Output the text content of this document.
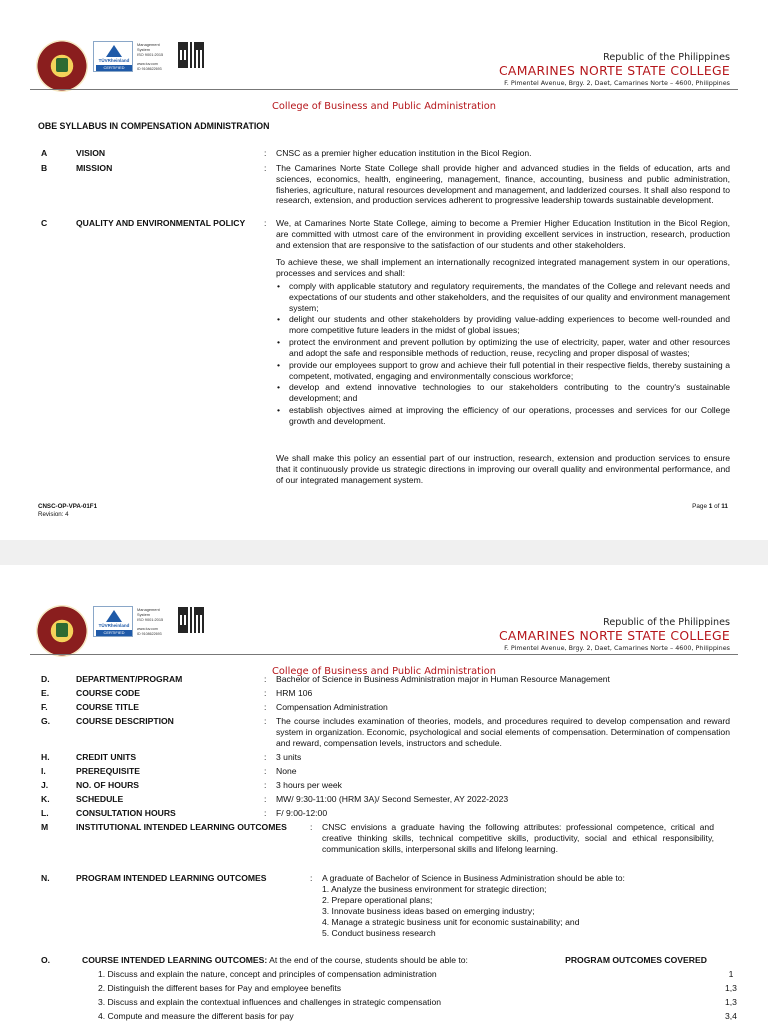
TÜVRheinland
CERTIFIED
Management
System
ISO 9001:2015
www.tuv.com
ID 9108622693
Republic of the Philippines
CAMARINES NORTE STATE COLLEGE
F. Pimentel Avenue, Brgy. 2, Daet, Camarines Norte – 4600, Philippines
College of Business and Public Administration
OBE SYLLABUS IN COMPENSATION ADMINISTRATION
A	VISION	: CNSC as a premier higher education institution in the Bicol Region.
B	MISSION	: The Camarines Norte State College shall provide higher and advanced studies in the fields of education, arts and sciences, economics, health, engineering, management, finance, accounting, business and public administration, fisheries, agriculture, natural resources development and management, and ladderized courses. It shall also respond to research, extension, and production services adherent to progressive leadership towards sustainable development.
C	QUALITY AND ENVIRONMENTAL POLICY : We, at Camarines Norte State College, aiming to become a Premier Higher Education Institution in the Bicol Region, are committed with utmost care of the environment in providing excellent services in instruction, research, production and extension that are responsive to the satisfaction of our students and other stakeholders.
To achieve these, we shall implement an internationally recognized integrated management system in our operations, processes and services and shall:
• comply with applicable statutory and regulatory requirements, the mandates of the College and relevant needs and expectations of our students and other stakeholders, and the requisites of our quality and environment management system;
• delight our students and other stakeholders by providing value-adding experiences to become well-rounded and more competitive future leaders in the midst of global issues;
• protect the environment and prevent pollution by optimizing the use of electricity, paper, water and other resources and adopt the safe and responsible methods of reduction, reuse, recycling and proper disposal of wastes;
• provide our employees support to grow and achieve their full potential in their respective fields, thereby sustaining a competent, motivated, engaging and environmentally conscious workforce;
• develop and extend innovative technologies to our stakeholders contributing to the country's sustainable development; and
• establish objectives aimed at improving the efficiency of our operations, processes and services for our College growth and development.
We shall make this policy an essential part of our instruction, research, extension and production services to ensure that it continuously provide us strategic directions in improving our overall quality and environmental performance, and of our integrated management system.
CNSC-OP-VPA-01F1
Revision: 4
Page 1 of 11
TÜVRheinland
CERTIFIED
Management
System
ISO 9001:2015
www.tuv.com
ID 9108622693
Republic of the Philippines
CAMARINES NORTE STATE COLLEGE
F. Pimentel Avenue, Brgy. 2, Daet, Camarines Norte – 4600, Philippines
College of Business and Public Administration
D.	DEPARTMENT/PROGRAM	: Bachelor of Science in Business Administration major in Human Resource Management
E.	COURSE CODE	: HRM 106
F.	COURSE TITLE	: Compensation Administration
G.	COURSE DESCRIPTION	: The course includes examination of theories, models, and procedures required to develop compensation and reward system in organization. Economic, psychological and social elements of compensation. Determination of compensation and reward, compensation levels, instructors and schedule.
H.	CREDIT UNITS	: 3 units
I.	PREREQUISITE	: None
J.	NO. OF HOURS	: 3 hours per week
K.	SCHEDULE	: MW/ 9:30-11:00 (HRM 3A)/ Second Semester, AY 2022-2023
L.	CONSULTATION HOURS	: F/ 9:00-12:00
M	INSTITUTIONAL INTENDED LEARNING OUTCOMES	: CNSC envisions a graduate having the following attributes: professional competence, critical and creative thinking skills, technical competitive skills, productivity, social and ethical responsibility, communication skills, interpersonal skills and lifelong learning.
N.	PROGRAM INTENDED LEARNING OUTCOMES	: A graduate of Bachelor of Science in Business Administration should be able to:
1. Analyze the business environment for strategic direction;
2. Prepare operational plans;
3. Innovate business ideas based on emerging industry;
4. Manage a strategic business unit for economic sustainability; and
5. Conduct business research
O.	COURSE INTENDED LEARNING OUTCOMES: At the end of the course, students should be able to:	PROGRAM OUTCOMES COVERED
1. Discuss and explain the nature, concept and principles of compensation administration	1
2. Distinguish the different bases for Pay and employee benefits	1,3
3. Discuss and explain the contextual influences and challenges in strategic compensation	1,3
4. Compute and measure the different basis for pay	3,4
